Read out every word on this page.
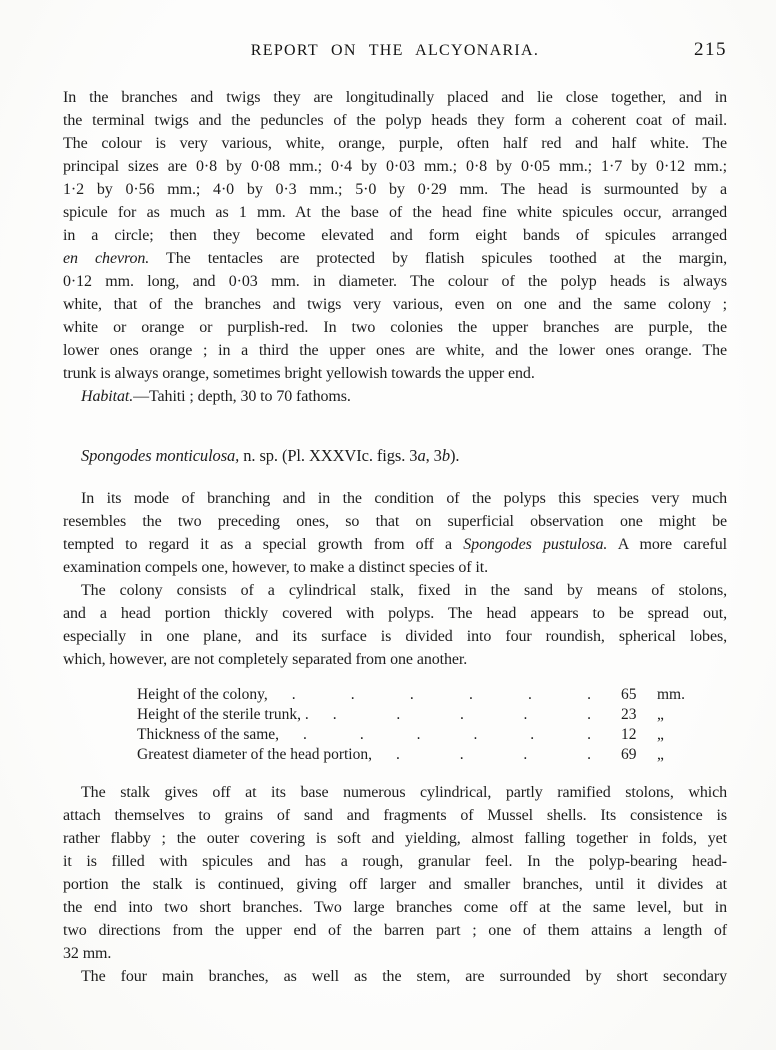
REPORT ON THE ALCYONARIA.	215
In the branches and twigs they are longitudinally placed and lie close together, and in
the terminal twigs and the peduncles of the polyp heads they form a coherent coat of mail.
The colour is very various, white, orange, purple, often half red and half white. The
principal sizes are 0·8 by 0·08 mm.; 0·4 by 0·03 mm.; 0·8 by 0·05 mm.; 1·7 by 0·12 mm.;
1·2 by 0·56 mm.; 4·0 by 0·3 mm.; 5·0 by 0·29 mm. The head is surmounted by a
spicule for as much as 1 mm. At the base of the head fine white spicules occur, arranged
in a circle; then they become elevated and form eight bands of spicules arranged
en chevron. The tentacles are protected by flatish spicules toothed at the margin,
0·12 mm. long, and 0·03 mm. in diameter. The colour of the polyp heads is always
white, that of the branches and twigs very various, even on one and the same colony ;
white or orange or purplish-red. In two colonies the upper branches are purple, the
lower ones orange ; in a third the upper ones are white, and the lower ones orange. The
trunk is always orange, sometimes bright yellowish towards the upper end.
Habitat.—Tahiti ; depth, 30 to 70 fathoms.
Spongodes monticulosa, n. sp. (Pl. XXXVIc. figs. 3a, 3b).
In its mode of branching and in the condition of the polyps this species very much
resembles the two preceding ones, so that on superficial observation one might be
tempted to regard it as a special growth from off a Spongodes pustulosa. A more careful
examination compels one, however, to make a distinct species of it.
The colony consists of a cylindrical stalk, fixed in the sand by means of stolons,
and a head portion thickly covered with polyps. The head appears to be spread out,
especially in one plane, and its surface is divided into four roundish, spherical lobes,
which, however, are not completely separated from one another.
Height of the colony, .	.	.	.	.	. 65	mm.
Height of the sterile trunk, . .	.	.	.	. 23	„
Thickness of the same, .	.	.	.	.	. 12	„
Greatest diameter of the head portion, .	.	.	. 69	„
The stalk gives off at its base numerous cylindrical, partly ramified stolons, which
attach themselves to grains of sand and fragments of Mussel shells. Its consistence is
rather flabby ; the outer covering is soft and yielding, almost falling together in folds, yet
it is filled with spicules and has a rough, granular feel. In the polyp-bearing head-
portion the stalk is continued, giving off larger and smaller branches, until it divides at
the end into two short branches. Two large branches come off at the same level, but in
two directions from the upper end of the barren part ; one of them attains a length of
32 mm.
The four main branches, as well as the stem, are surrounded by short secondary
